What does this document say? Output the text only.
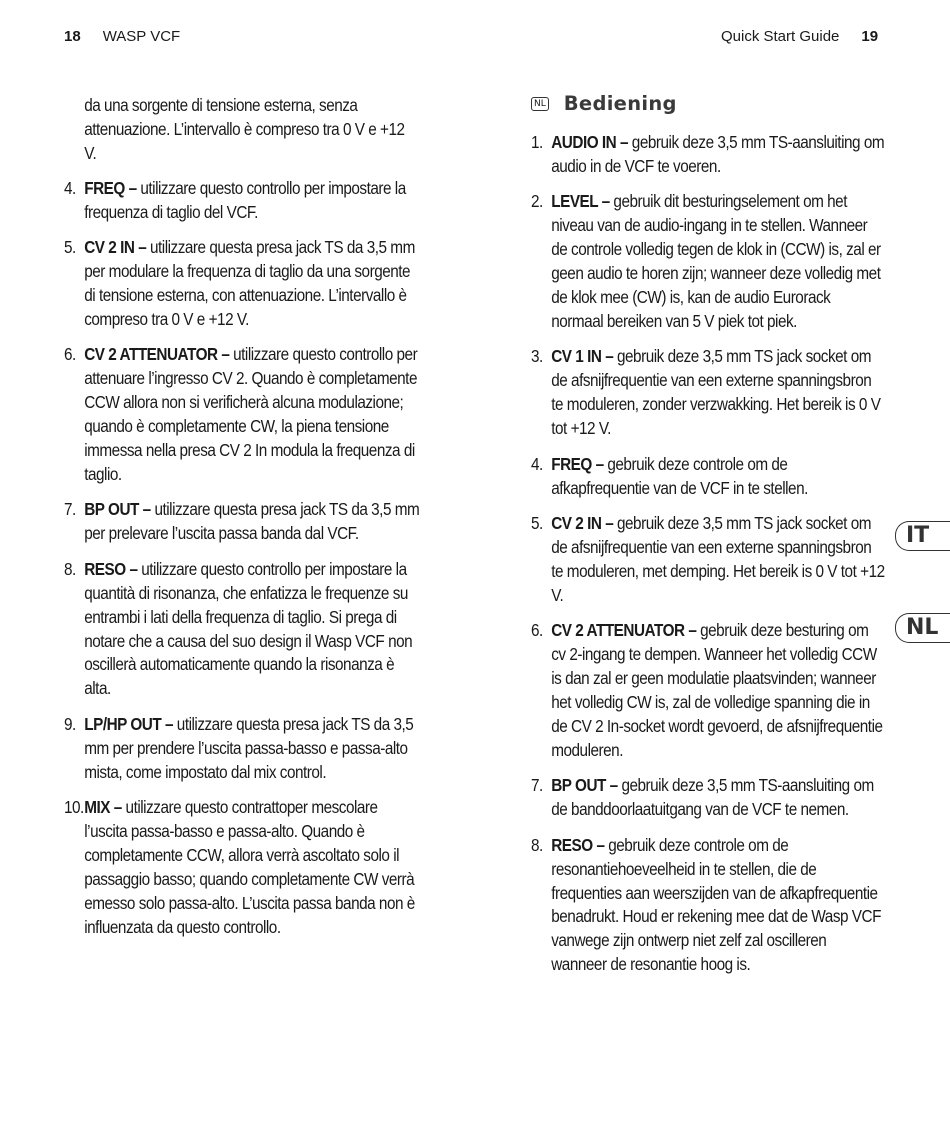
18 WASP VCF	Quick Start Guide 19
da una sorgente di tensione esterna, senza attenuazione. L’intervallo è compreso tra 0 V e +12 V.
4. FREQ – utilizzare questo controllo per impostare la frequenza di taglio del VCF.
5. CV 2 IN – utilizzare questa presa jack TS da 3,5 mm per modulare la frequenza di taglio da una sorgente di tensione esterna, con attenuazione. L’intervallo è compreso tra 0 V e +12 V.
6. CV 2 ATTENUATOR – utilizzare questo controllo per attenuare l’ingresso CV 2. Quando è completamente CCW allora non si verificherà alcuna modulazione; quando è completamente CW, la piena tensione immessa nella presa CV 2 In modula la frequenza di taglio.
7. BP OUT – utilizzare questa presa jack TS da 3,5 mm per prelevare l’uscita passa banda dal VCF.
8. RESO – utilizzare questo controllo per impostare la quantità di risonanza, che enfatizza le frequenze su entrambi i lati della frequenza di taglio. Si prega di notare che a causa del suo design il Wasp VCF non oscillerà automaticamente quando la risonanza è alta.
9. LP/HP OUT – utilizzare questa presa jack TS da 3,5 mm per prendere l’uscita passa-basso e passa-alto mista, come impostato dal mix control.
10. MIX – utilizzare questo contrattoper mescolare l’uscita passa-basso e passa-alto. Quando è completamente CCW, allora verrà ascoltato solo il passaggio basso; quando completamente CW verrà emesso solo passa-alto. L’uscita passa banda non è influenzata da questo controllo.
NL Bediening
1. AUDIO IN – gebruik deze 3,5 mm TS-aansluiting om audio in de VCF te voeren.
2. LEVEL – gebruik dit besturingselement om het niveau van de audio-ingang in te stellen. Wanneer de controle volledig tegen de klok in (CCW) is, zal er geen audio te horen zijn; wanneer deze volledig met de klok mee (CW) is, kan de audio Eurorack normaal bereiken van 5 V piek tot piek.
3. CV 1 IN – gebruik deze 3,5 mm TS jack socket om de afsnijfrequentie van een externe spanningsbron te moduleren, zonder verzwakking. Het bereik is 0 V tot +12 V.
4. FREQ – gebruik deze controle om de afkapfrequentie van de VCF in te stellen.
5. CV 2 IN – gebruik deze 3,5 mm TS jack socket om de afsnijfrequentie van een externe spanningsbron te moduleren, met demping. Het bereik is 0 V tot +12 V.
6. CV 2 ATTENUATOR – gebruik deze besturing om cv 2-ingang te dempen. Wanneer het volledig CCW is dan zal er geen modulatie plaatsvinden; wanneer het volledig CW is, zal de volledige spanning die in de CV 2 In-socket wordt gevoerd, de afsnijfrequentie moduleren.
7. BP OUT – gebruik deze 3,5 mm TS-aansluiting om de banddoorlaatuitgang van de VCF te nemen.
8. RESO – gebruik deze controle om de resonantiehoeveelheid in te stellen, die de frequenties aan weerszijden van de afkapfrequentie benadrukt. Houd er rekening mee dat de Wasp VCF vanwege zijn ontwerp niet zelf zal oscilleren wanneer de resonantie hoog is.
IT
NL
